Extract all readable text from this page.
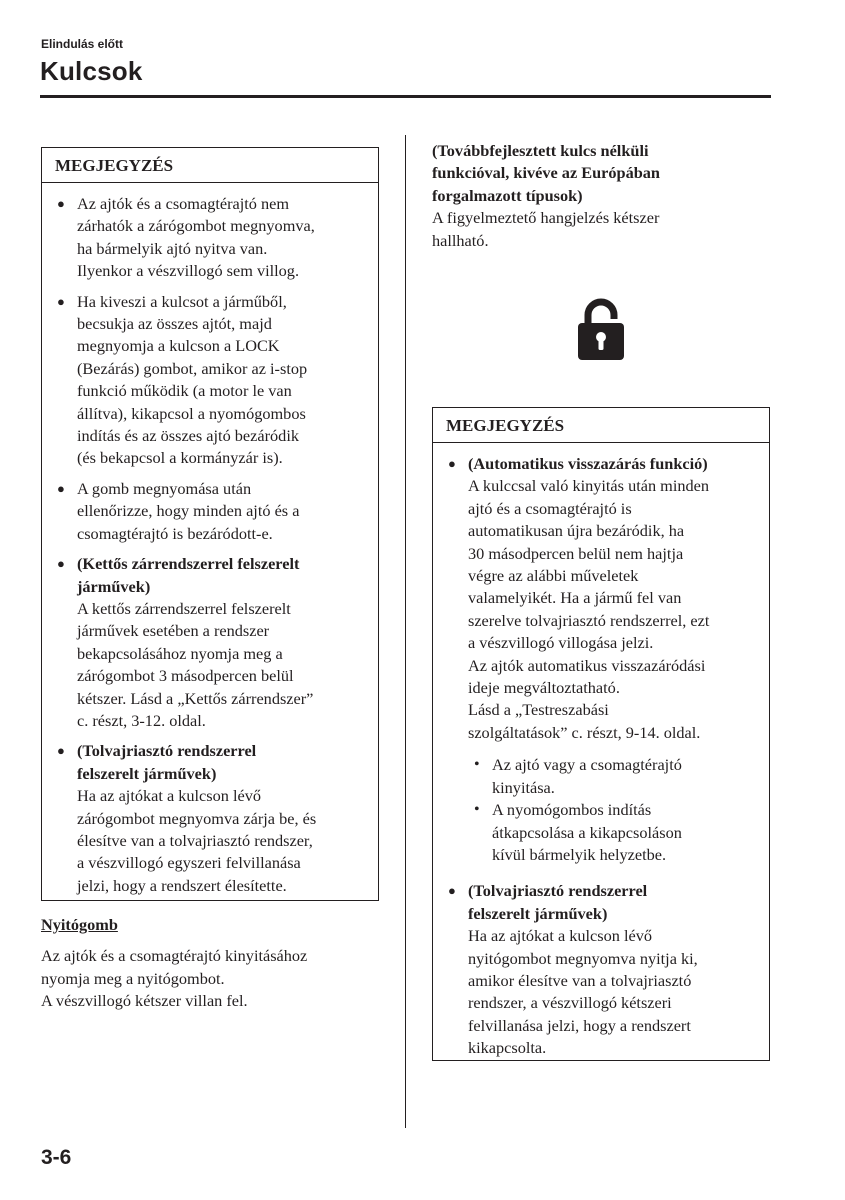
Elindulás előtt
Kulcsok
MEGJEGYZÉS
● Az ajtók és a csomagtérajtó nem

zárhatók a zárógombot megnyomva,

ha bármelyik ajtó nyitva van.

Ilyenkor a vészvillogó sem villog.

● Ha kiveszi a kulcsot a járműből,

becsukja az összes ajtót, majd

megnyomja a kulcson a LOCK

(Bezárás) gombot, amikor az i-stop

funkció működik (a motor le van

állítva), kikapcsol a nyomógombos

indítás és az összes ajtó bezáródik

(és bekapcsol a kormányzár is).

● A gomb megnyomása után

ellenőrizze, hogy minden ajtó és a

csomagtérajtó is bezáródott-e.

● (Kettős zárrendszerrel felszerelt

járművek)

A kettős zárrendszerrel felszerelt

járművek esetében a rendszer

bekapcsolásához nyomja meg a

zárógombot 3 másodpercen belül

kétszer. Lásd a „Kettős zárrendszer”

c. részt, 3-12. oldal.

● (Tolvajriasztó rendszerrel

felszerelt járművek)

Ha az ajtókat a kulcson lévő

zárógombot megnyomva zárja be, és

élesítve van a tolvajriasztó rendszer,

a vészvillogó egyszeri felvillanása

jelzi, hogy a rendszert élesítette.

Nyitógomb

Az ajtók és a csomagtérajtó kinyitásához

nyomja meg a nyitógombot.

A vészvillogó kétszer villan fel.

(Továbbfejlesztett kulcs nélküli

funkcióval, kivéve az Európában

forgalmazott típusok)

A figyelmeztető hangjelzés kétszer

hallható.

MEGJEGYZÉS
● (Automatikus visszazárás funkció)

A kulccsal való kinyitás után minden

ajtó és a csomagtérajtó is

automatikusan újra bezáródik, ha

30 másodpercen belül nem hajtja

végre az alábbi műveletek

valamelyikét. Ha a jármű fel van

szerelve tolvajriasztó rendszerrel, ezt

a vészvillogó villogása jelzi.

Az ajtók automatikus visszazáródási

ideje megváltoztatható.

Lásd a „Testreszabási

szolgáltatások” c. részt, 9-14. oldal.

• Az ajtó vagy a csomagtérajtó

kinyitása.

• A nyomógombos indítás

átkapcsolása a kikapcsoláson

kívül bármelyik helyzetbe.

● (Tolvajriasztó rendszerrel

felszerelt járművek)

Ha az ajtókat a kulcson lévő

nyitógombot megnyomva nyitja ki,

amikor élesítve van a tolvajriasztó

rendszer, a vészvillogó kétszeri

felvillanása jelzi, hogy a rendszert

kikapcsolta.

3-6
